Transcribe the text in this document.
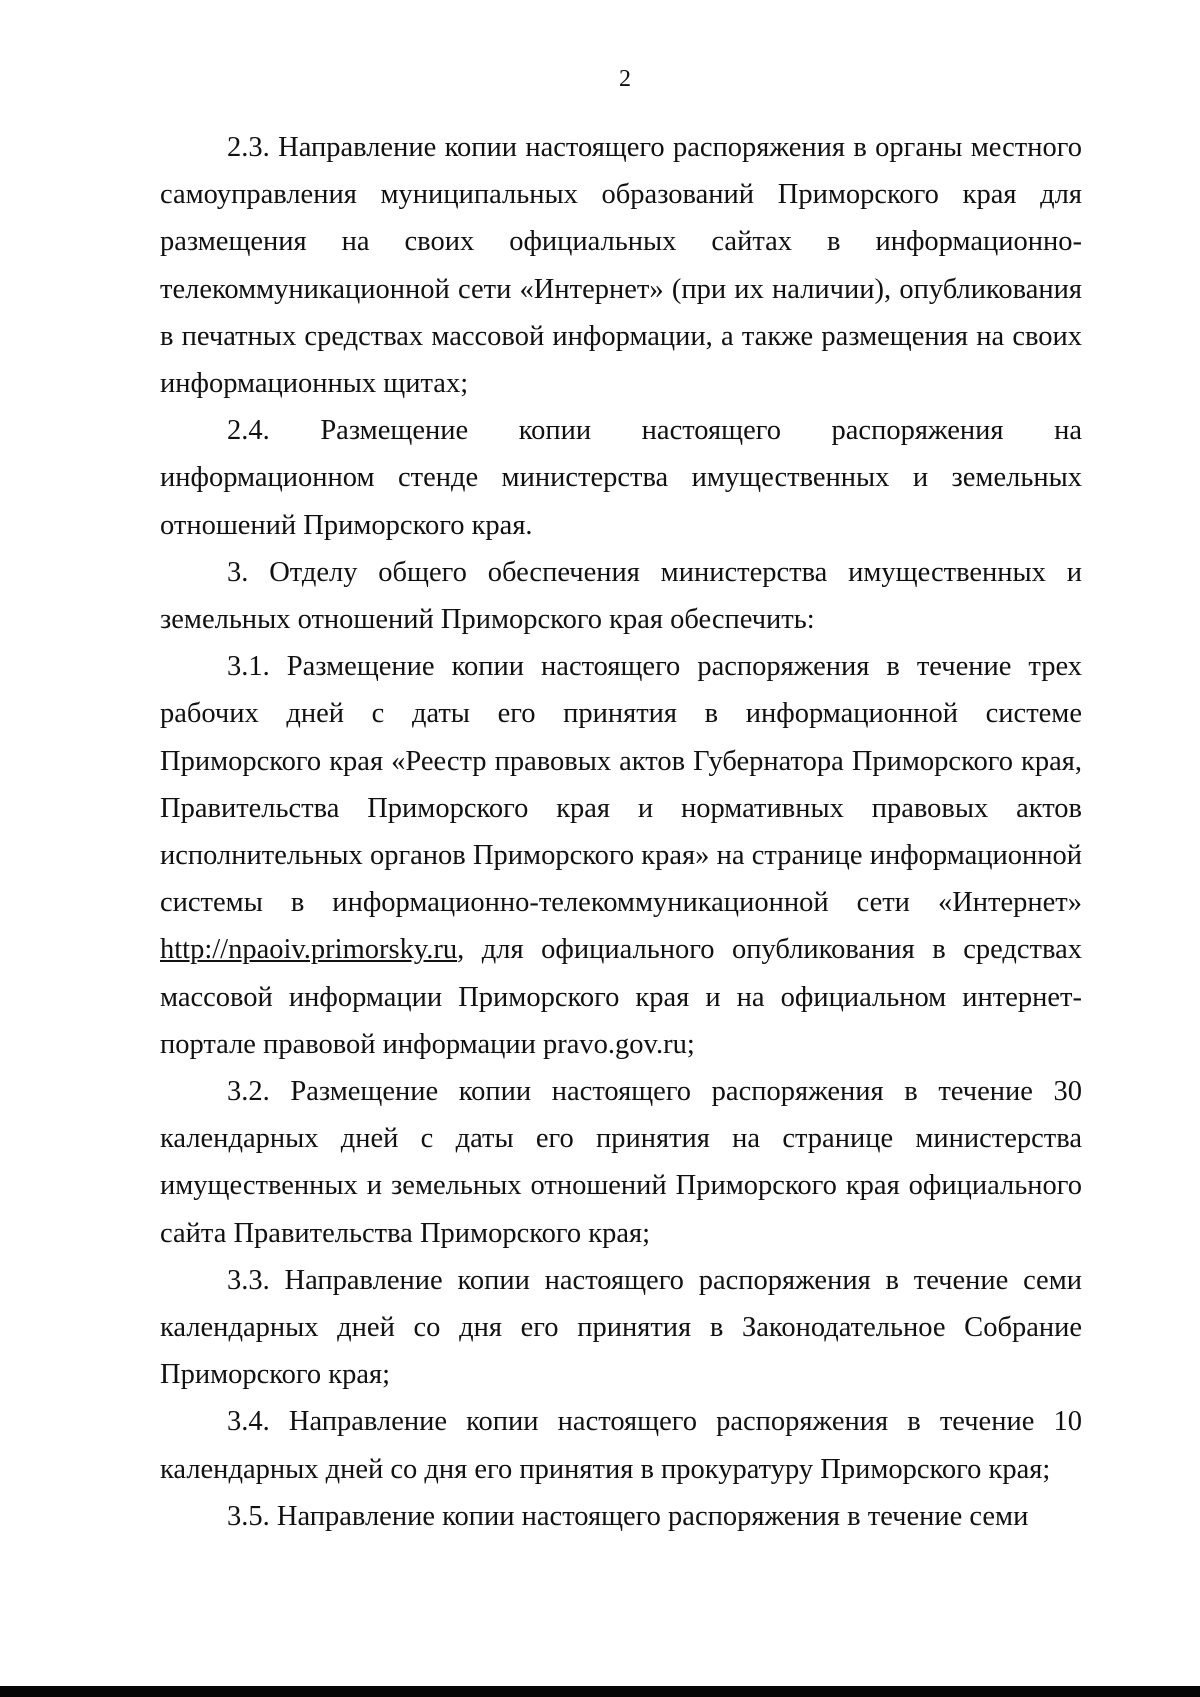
2

2.3. Направление копии настоящего распоряжения в органы местного самоуправления муниципальных образований Приморского края для размещения на своих официальных сайтах в информационно-телекоммуникационной сети «Интернет» (при их наличии), опубликования в печатных средствах массовой информации, а также размещения на своих информационных щитах;

2.4. Размещение копии настоящего распоряжения на информационном стенде министерства имущественных и земельных отношений Приморского края.

3. Отделу общего обеспечения министерства имущественных и земельных отношений Приморского края обеспечить:

3.1. Размещение копии настоящего распоряжения в течение трех рабочих дней с даты его принятия в информационной системе Приморского края «Реестр правовых актов Губернатора Приморского края, Правительства Приморского края и нормативных правовых актов исполнительных органов Приморского края» на странице информационной системы в информационно-телекоммуникационной сети «Интернет» http://npaoiv.primorsky.ru, для официального опубликования в средствах массовой информации Приморского края и на официальном интернет-портале правовой информации pravo.gov.ru;

3.2. Размещение копии настоящего распоряжения в течение 30 календарных дней с даты его принятия на странице министерства имущественных и земельных отношений Приморского края официального сайта Правительства Приморского края;

3.3. Направление копии настоящего распоряжения в течение семи календарных дней со дня его принятия в Законодательное Собрание Приморского края;

3.4. Направление копии настоящего распоряжения в течение 10 календарных дней со дня его принятия в прокуратуру Приморского края;

3.5. Направление копии настоящего распоряжения в течение семи
